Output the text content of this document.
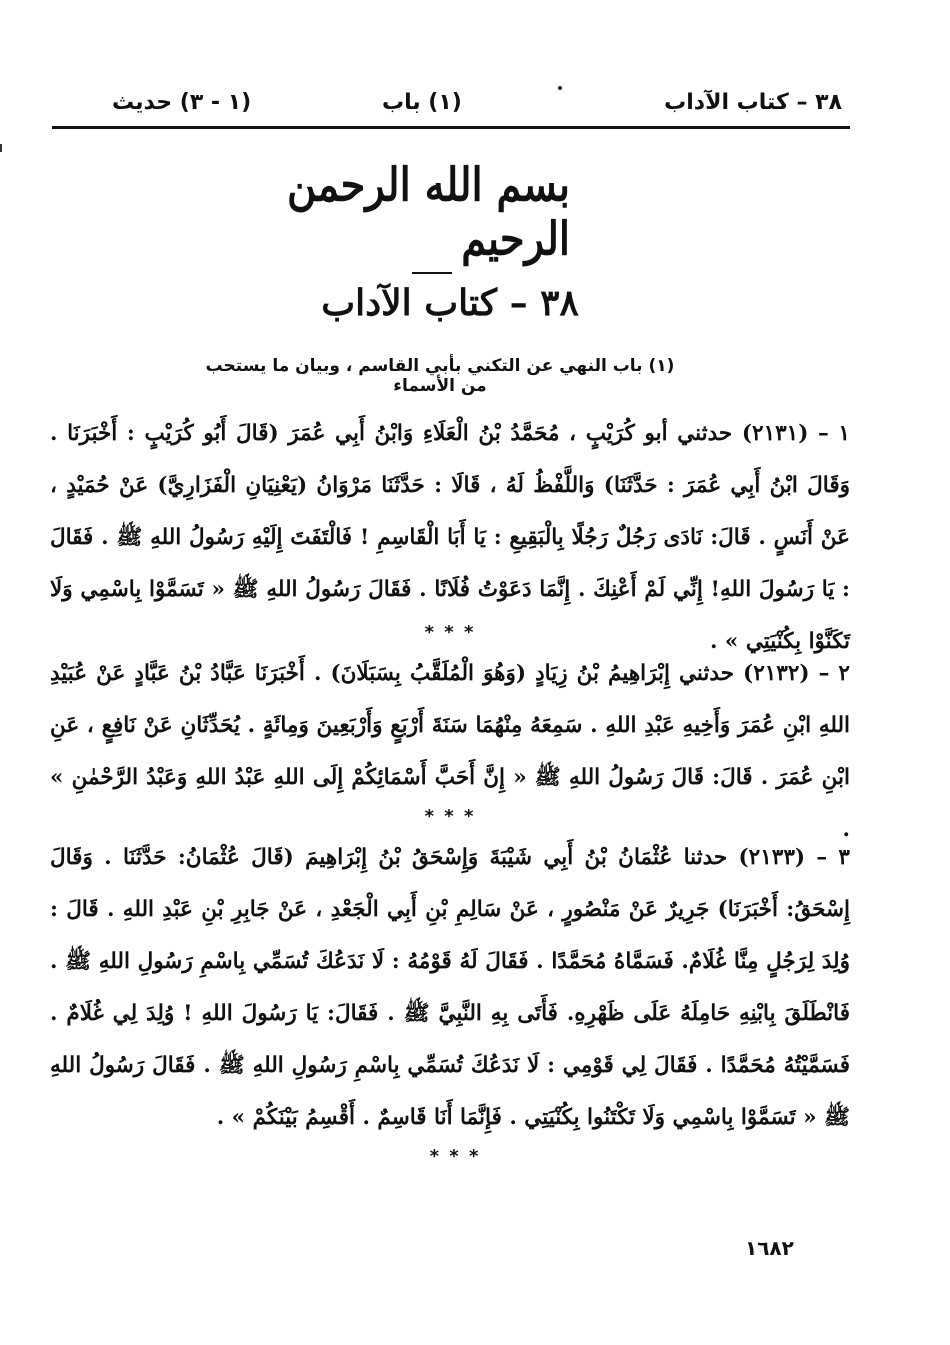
٣٨ – كتاب الآداب
(١) باب
(١ - ٣) حديث
بسم الله الرحمن الرحيم
٣٨ – كتاب الآداب
(١) باب النهي عن التكني بأبي القاسم ، وبيان ما يستحب من الأسماء
١ – (٢١٣١) حدثني أبو كُرَيْبٍ ، مُحَمَّدُ بْنُ الْعَلَاءِ وَابْنُ أَبِي عُمَرَ (قَالَ أَبُو كُرَيْبٍ : أَخْبَرَنَا . وَقَالَ ابْنُ أَبِي عُمَرَ : حَدَّثَنَا) وَاللَّفْظُ لَهُ ، قَالَا : حَدَّثَنَا مَرْوَانُ (يَعْنِيَانِ الْفَزَارِيَّ) عَنْ حُمَيْدٍ ، عَنْ أَنَسٍ . قَالَ: نَادَى رَجُلٌ رَجُلًا بِالْبَقِيعِ : يَا أَبَا الْقَاسِمِ ! فَالْتَفَتَ إِلَيْهِ رَسُولُ اللهِ ﷺ . فَقَالَ : يَا رَسُولَ اللهِ! إِنِّي لَمْ أَعْنِكَ . إِنَّمَا دَعَوْتُ فُلَانًا . فَقَالَ رَسُولُ اللهِ ﷺ « تَسَمَّوْا بِاسْمِي وَلَا تَكَنَّوْا بِكُنْيَتِي » .
* * *
٢ – (٢١٣٢) حدثني إِبْرَاهِيمُ بْنُ زِيَادٍ (وَهُوَ الْمُلَقَّبُ بِسَبَلَانَ) . أَخْبَرَنَا عَبَّادُ بْنُ عَبَّادٍ عَنْ عُبَيْدِ اللهِ ابْنِ عُمَرَ وَأَخِيهِ عَبْدِ اللهِ . سَمِعَهُ مِنْهُمَا سَنَةَ أَرْبَعٍ وَأَرْبَعِينَ وَمِائَةٍ . يُحَدِّثَانِ عَنْ نَافِعٍ ، عَنِ ابْنِ عُمَرَ . قَالَ: قَالَ رَسُولُ اللهِ ﷺ « إِنَّ أَحَبَّ أَسْمَائِكُمْ إِلَى اللهِ عَبْدُ اللهِ وَعَبْدُ الرَّحْمٰنِ » .
* * *
٣ – (٢١٣٣) حدثنا عُثْمَانُ بْنُ أَبِي شَيْبَةَ وَإِسْحَقُ بْنُ إِبْرَاهِيمَ (قَالَ عُثْمَانُ: حَدَّثَنَا . وَقَالَ إِسْحَقُ: أَخْبَرَنَا) جَرِيرٌ عَنْ مَنْصُورٍ ، عَنْ سَالِمِ بْنِ أَبِي الْجَعْدِ ، عَنْ جَابِرِ بْنِ عَبْدِ اللهِ . قَالَ : وُلِدَ لِرَجُلٍ مِنَّا غُلَامٌ. فَسَمَّاهُ مُحَمَّدًا . فَقَالَ لَهُ قَوْمُهُ : لَا نَدَعُكَ تُسَمِّي بِاسْمِ رَسُولِ اللهِ ﷺ . فَانْطَلَقَ بِابْنِهِ حَامِلَهُ عَلَى ظَهْرِهِ. فَأَتَى بِهِ النَّبِيَّ ﷺ . فَقَالَ: يَا رَسُولَ اللهِ ! وُلِدَ لِي غُلَامٌ . فَسَمَّيْتُهُ مُحَمَّدًا . فَقَالَ لِي قَوْمِي : لَا نَدَعُكَ تُسَمِّي بِاسْمِ رَسُولِ اللهِ ﷺ . فَقَالَ رَسُولُ اللهِ ﷺ « تَسَمَّوْا بِاسْمِي وَلَا تَكْتَنُوا بِكُنْيَتِي . فَإِنَّمَا أَنَا قَاسِمٌ . أَقْسِمُ بَيْنَكُمْ » .
* * *
١٦٨٢
